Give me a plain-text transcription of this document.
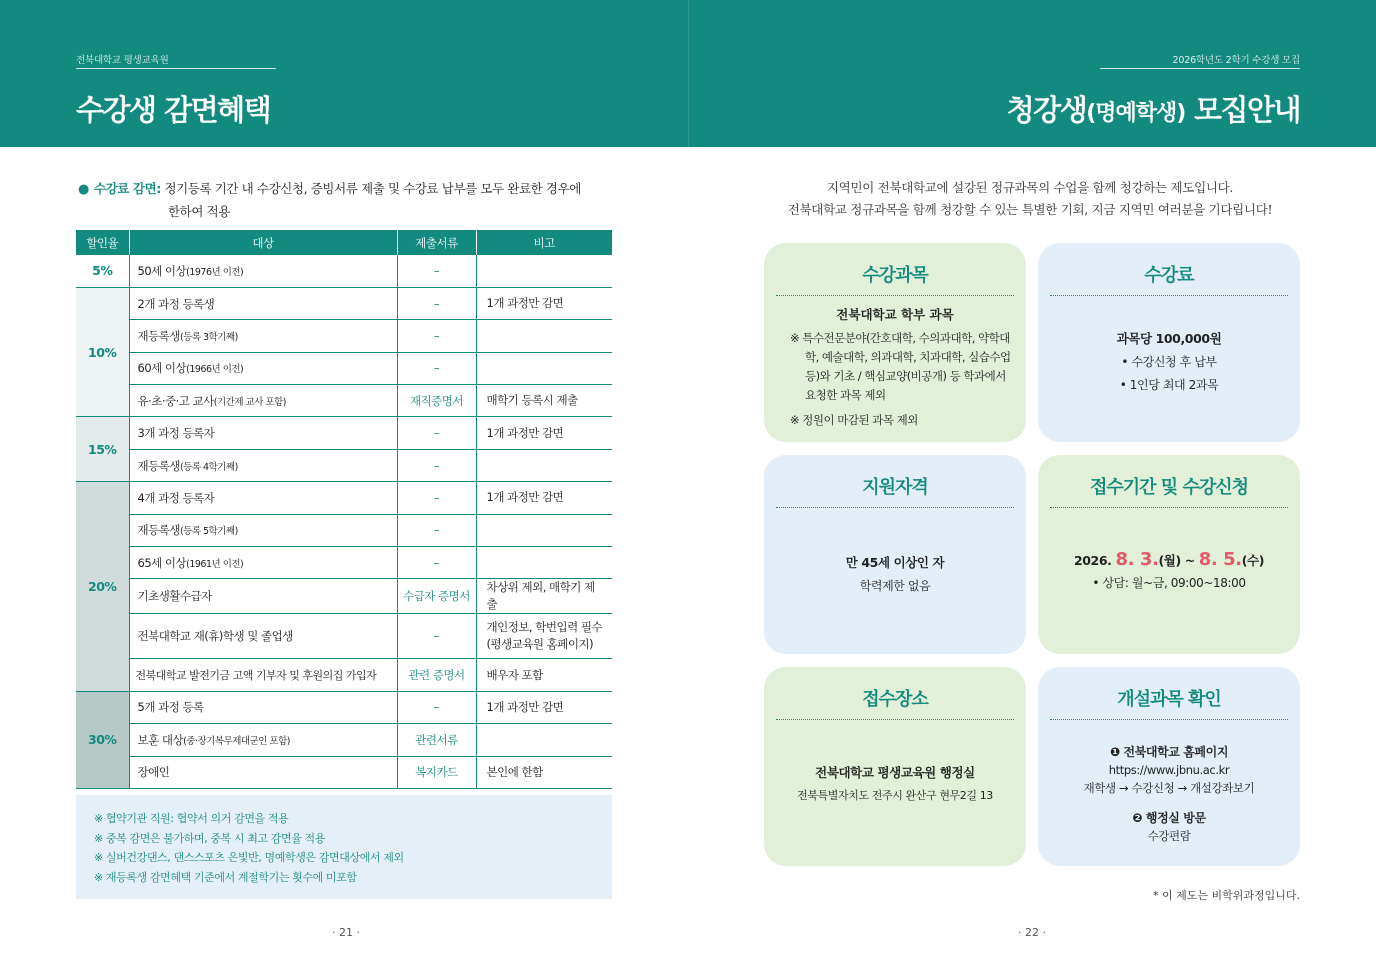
전북대학교 평생교육원
수강생 감면혜택
2026학년도 2학기 수강생 모집
청강생(명예학생) 모집안내
● 수강료 감면: 정기등록 기간 내 수강신청, 증빙서류 제출 및 수강료 납부를 모두 완료한 경우에
한하여 적용
할인율	대상	제출서류	비고
5%	50세 이상(1976년 이전)	–	
10%	2개 과정 등록생	–	1개 과정만 감면
	재등록생(등록 3학기째)	–	
	60세 이상(1966년 이전)	–	
	유·초·중·고 교사(기간제 교사 포함)	재직증명서	매학기 등록시 제출
15%	3개 과정 등록자	–	1개 과정만 감면
	재등록생(등록 4학기째)	–	
20%	4개 과정 등록자	–	1개 과정만 감면
	재등록생(등록 5학기째)	–	
	65세 이상(1961년 이전)	–	
	기초생활수급자	수급자 증명서	차상위 제외, 매학기 제출
	전북대학교 재(휴)학생 및 졸업생	–	개인정보, 학번입력 필수
(평생교육원 홈페이지)

	전북대학교 발전기금 고액 기부자 및 후원의집 가입자	관련 증명서	배우자 포함
30%	5개 과정 등록	–	1개 과정만 감면
	보훈 대상(중·장기복무제대군인 포함)	관련서류	
	장애인	복지카드	본인에 한함
※ 협약기관 직원: 협약서 의거 감면을 적용
※ 중복 감면은 불가하며, 중복 시 최고 감면율 적용
※ 실버건강댄스, 댄스스포츠 은빛반, 명예학생은 감면대상에서 제외
※ 재등록생 감면혜택 기준에서 계절학기는 횟수에 미포함
· 21 ·
지역민이 전북대학교에 설강된 정규과목의 수업을 함께 청강하는 제도입니다.
전북대학교 정규과목을 함께 청강할 수 있는 특별한 기회, 지금 지역민 여러분을 기다립니다!
수강과목
전북대학교 학부 과목
※ 특수전문분야(간호대학, 수의과대학, 약학대학, 예술대학, 의과대학, 치과대학, 실습수업 등)와 기초 / 핵심교양(비공개) 등 학과에서 요청한 과목 제외
※ 정원이 마감된 과목 제외
수강료
과목당 100,000원
• 수강신청 후 납부
• 1인당 최대 2과목
지원자격
만 45세 이상인 자
학력제한 없음
접수기간 및 수강신청
2026. 8. 3.(월) ~ 8. 5.(수)
• 상담: 월~금, 09:00~18:00
접수장소
전북대학교 평생교육원 행정실
전북특별자치도 전주시 완산구 현무2길 13
개설과목 확인
❶ 전북대학교 홈페이지
https://www.jbnu.ac.kr
재학생 → 수강신청 → 개설강좌보기
❷ 행정실 방문
수강편람
* 이 제도는 비학위과정입니다.
· 22 ·
